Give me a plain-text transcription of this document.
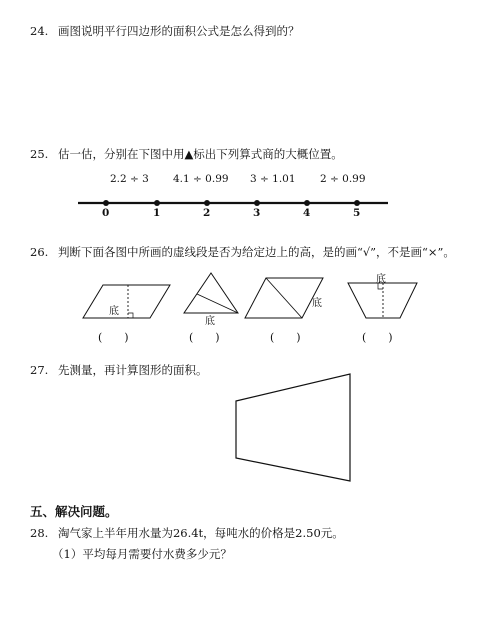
24. 画图说明平行四边形的面积公式是怎么得到的？
25. 估一估，分别在下图中用▲标出下列算式商的大概位置。
2.2 ÷ 3 4.1 ÷ 0.99 3 ÷ 1.01 2 ÷ 0.99
0	1	2	3	4	5
26. 判断下面各图中所画的虚线段是否为给定边上的高，是的画“√”，不是画“×”。
底
底
底
底
(　　)	(　　)	(　　)	(　　)
27. 先测量，再计算图形的面积。
五、解决问题。
28. 淘气家上半年用水量为26.4t，每吨水的价格是2.50元。
（1）平均每月需要付水费多少元？
